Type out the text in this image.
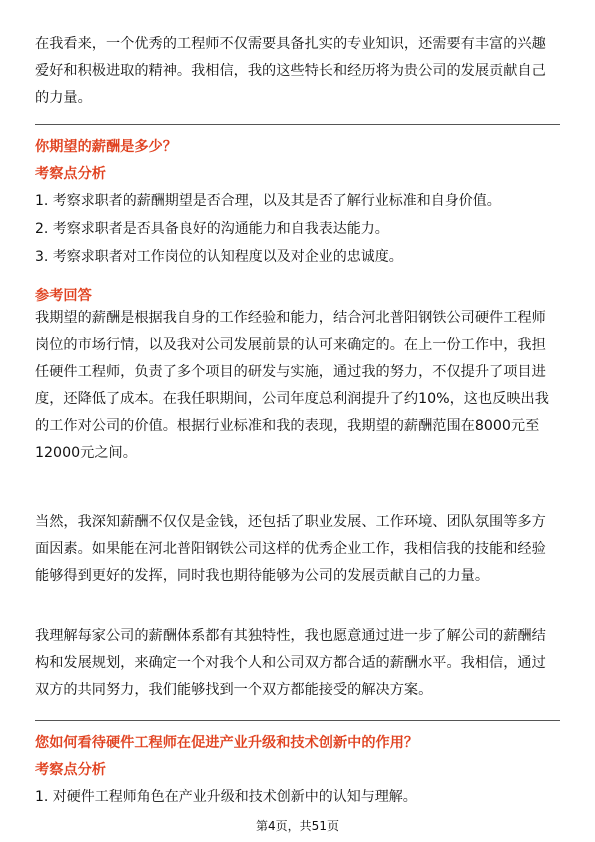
在我看来，一个优秀的工程师不仅需要具备扎实的专业知识，还需要有丰富的兴趣
爱好和积极进取的精神。我相信，我的这些特长和经历将为贵公司的发展贡献自己
的力量。
你期望的薪酬是多少？
考察点分析
1. 考察求职者的薪酬期望是否合理，以及其是否了解行业标准和自身价值。
2. 考察求职者是否具备良好的沟通能力和自我表达能力。
3. 考察求职者对工作岗位的认知程度以及对企业的忠诚度。
参考回答
我期望的薪酬是根据我自身的工作经验和能力，结合河北普阳钢铁公司硬件工程师
岗位的市场行情，以及我对公司发展前景的认可来确定的。在上一份工作中，我担
任硬件工程师，负责了多个项目的研发与实施，通过我的努力，不仅提升了项目进
度，还降低了成本。在我任职期间，公司年度总利润提升了约10%，这也反映出我
的工作对公司的价值。根据行业标准和我的表现，我期望的薪酬范围在8000元至
12000元之间。
当然，我深知薪酬不仅仅是金钱，还包括了职业发展、工作环境、团队氛围等多方
面因素。如果能在河北普阳钢铁公司这样的优秀企业工作，我相信我的技能和经验
能够得到更好的发挥，同时我也期待能够为公司的发展贡献自己的力量。
我理解每家公司的薪酬体系都有其独特性，我也愿意通过进一步了解公司的薪酬结
构和发展规划，来确定一个对我个人和公司双方都合适的薪酬水平。我相信，通过
双方的共同努力，我们能够找到一个双方都能接受的解决方案。
您如何看待硬件工程师在促进产业升级和技术创新中的作用？
考察点分析
1. 对硬件工程师角色在产业升级和技术创新中的认知与理解。
第4页，共51页
